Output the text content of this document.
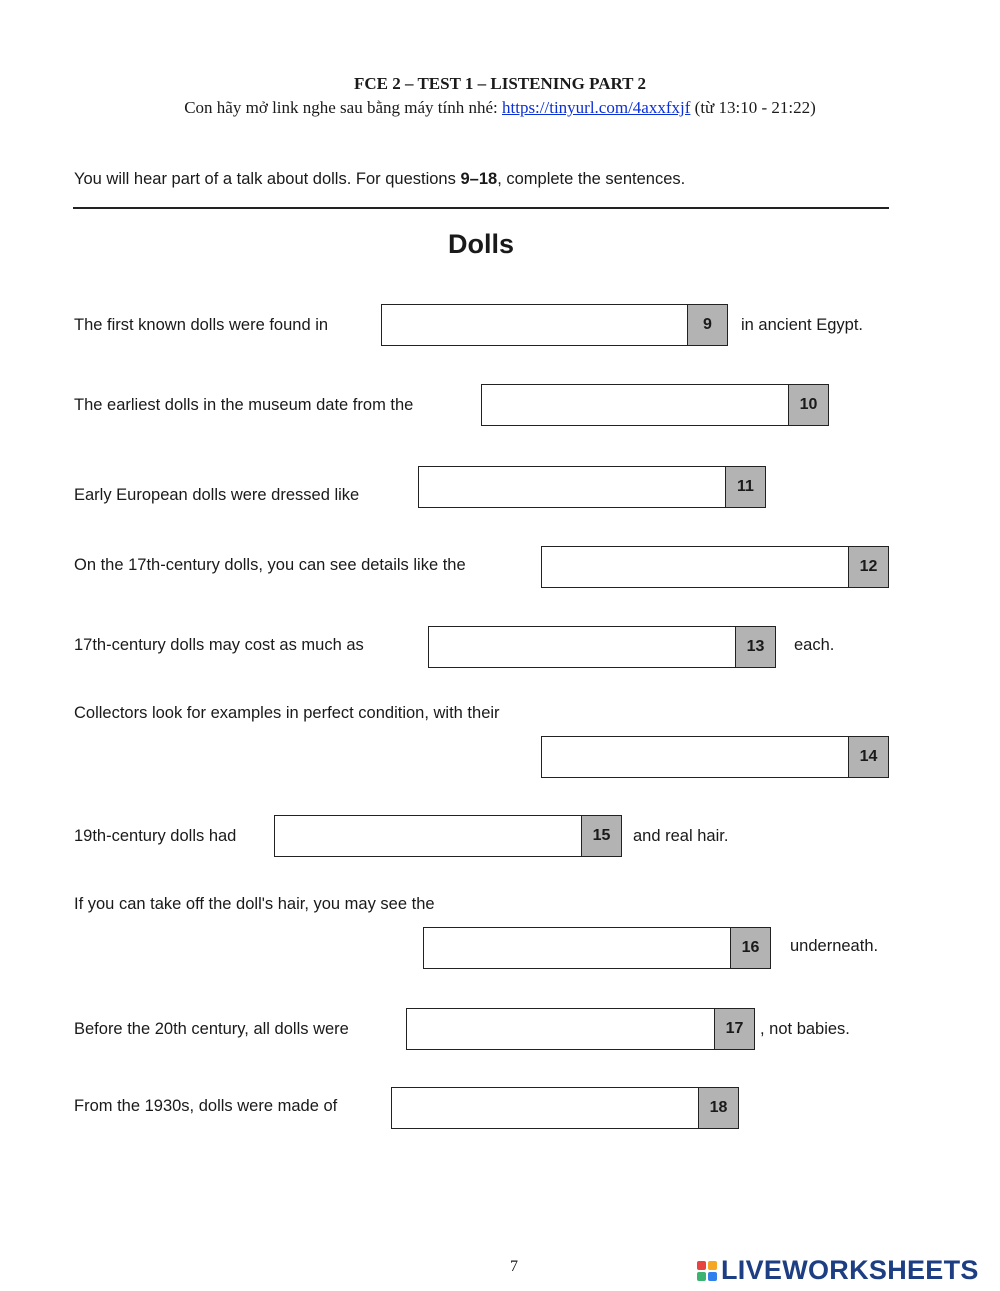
FCE 2 – TEST 1 – LISTENING PART 2
Con hãy mở link nghe sau bằng máy tính nhé: https://tinyurl.com/4axxfxjf (từ 13:10 - 21:22)
You will hear part of a talk about dolls. For questions 9–18, complete the sentences.
Dolls
The first known dolls were found in	9	in ancient Egypt.
The earliest dolls in the museum date from the	10
Early European dolls were dressed like	11
On the 17th-century dolls, you can see details like the	12
17th-century dolls may cost as much as	13	each.
Collectors look for examples in perfect condition, with their
14
19th-century dolls had	15	and real hair.
If you can take off the doll's hair, you may see the
16	underneath.
Before the 20th century, all dolls were	17	, not babies.
From the 1930s, dolls were made of	18
7	LIVEWORKSHEETS
